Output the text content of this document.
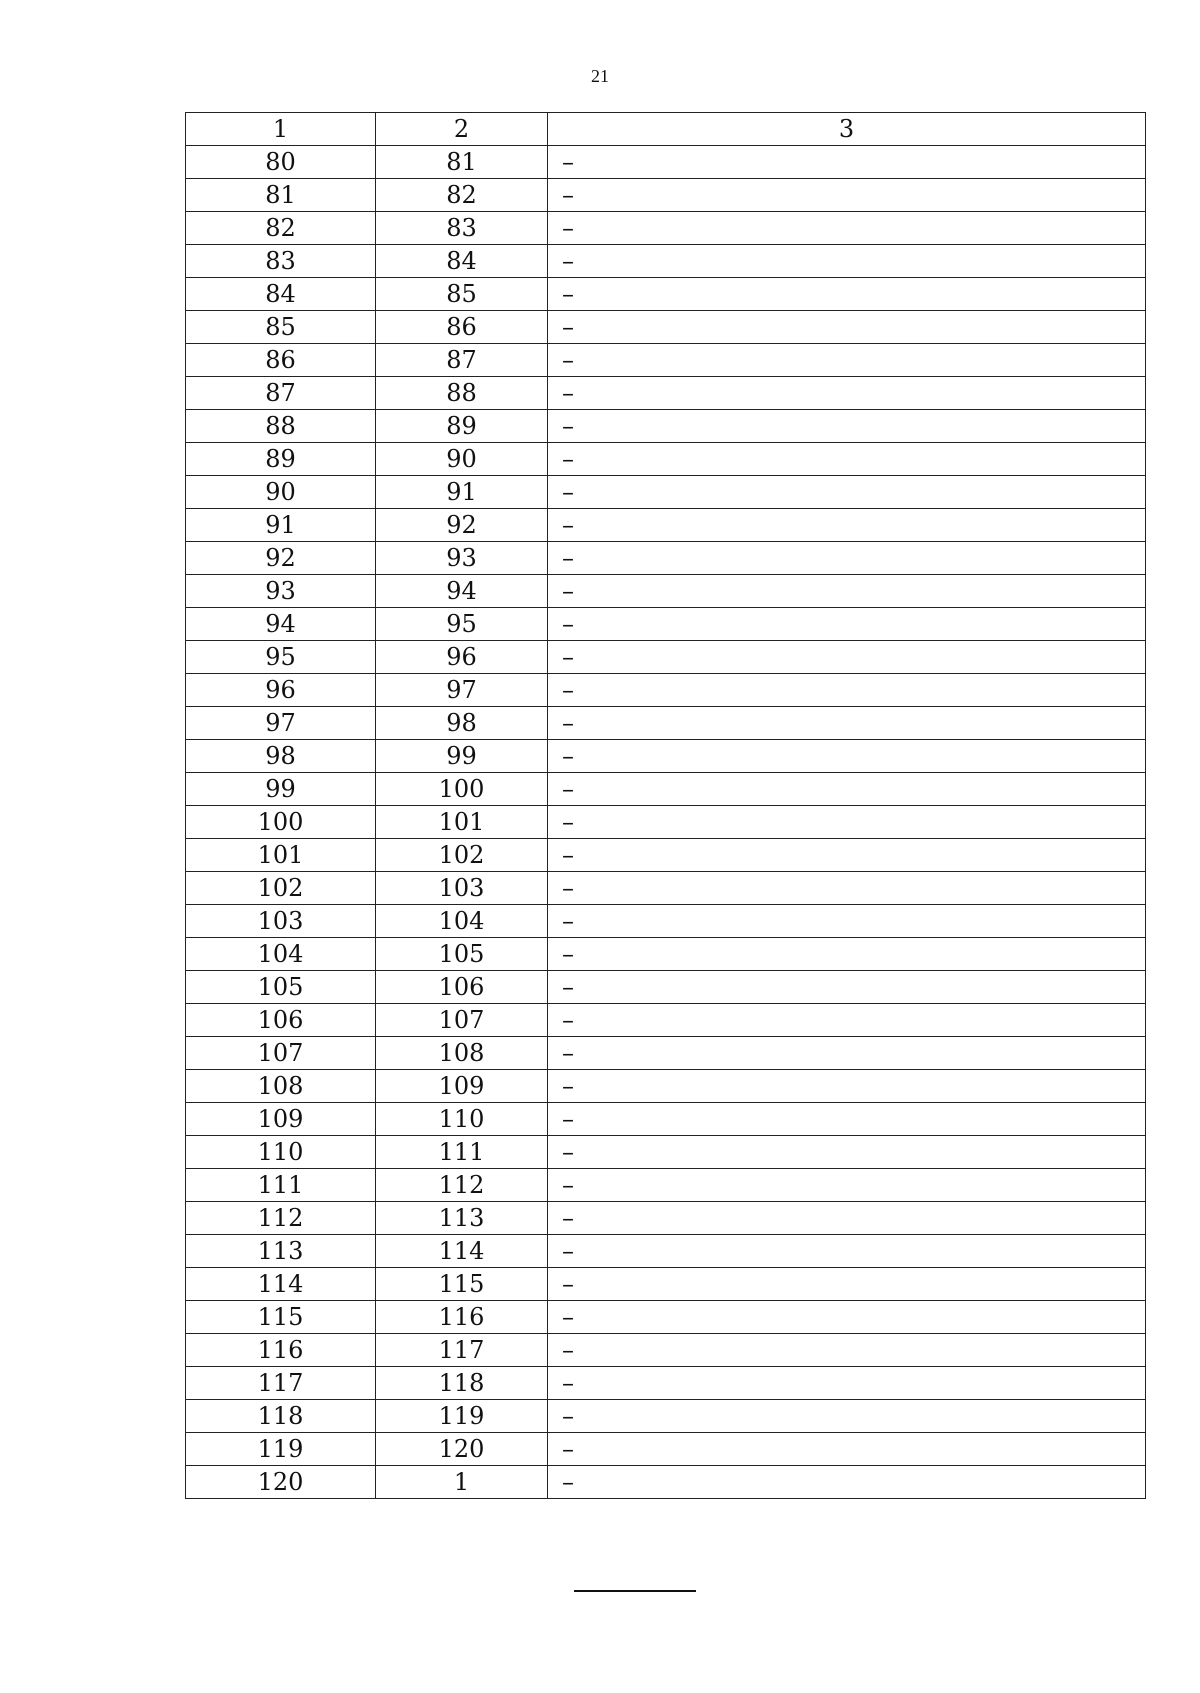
21
1	2	3
80	81	–
81	82	–
82	83	–
83	84	–
84	85	–
85	86	–
86	87	–
87	88	–
88	89	–
89	90	–
90	91	–
91	92	–
92	93	–
93	94	–
94	95	–
95	96	–
96	97	–
97	98	–
98	99	–
99	100	–
100	101	–
101	102	–
102	103	–
103	104	–
104	105	–
105	106	–
106	107	–
107	108	–
108	109	–
109	110	–
110	111	–
111	112	–
112	113	–
113	114	–
114	115	–
115	116	–
116	117	–
117	118	–
118	119	–
119	120	–
120	1	–
